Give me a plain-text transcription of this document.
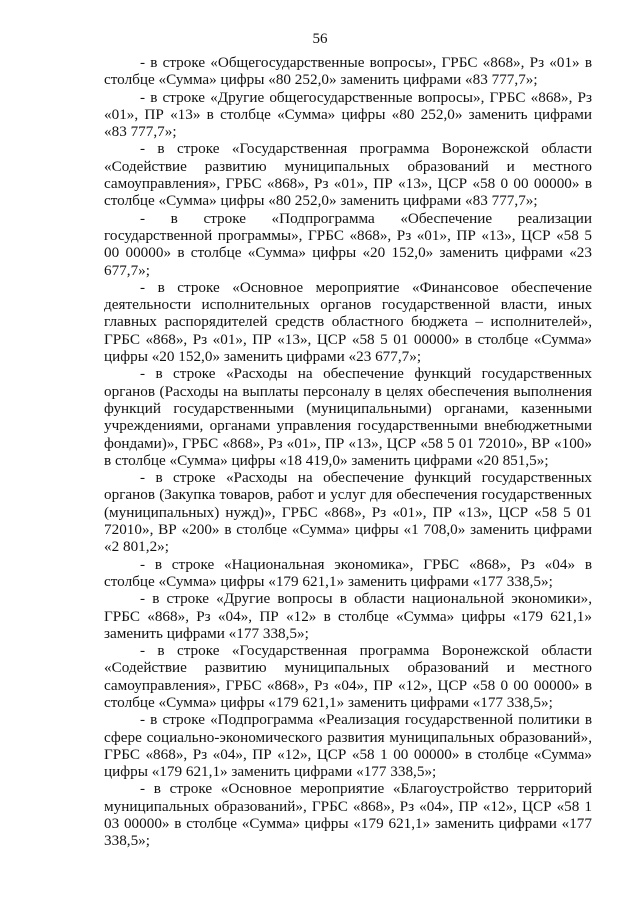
56

- в строке «Общегосударственные вопросы», ГРБС «868», Рз «01» в столбце «Сумма» цифры «80 252,0» заменить цифрами «83 777,7»;

- в строке «Другие общегосударственные вопросы», ГРБС «868», Рз «01», ПР «13» в столбце «Сумма» цифры «80 252,0» заменить цифрами «83 777,7»;

- в строке «Государственная программа Воронежской области «Содействие развитию муниципальных образований и местного самоуправления», ГРБС «868», Рз «01», ПР «13», ЦСР «58 0 00 00000» в столбце «Сумма» цифры «80 252,0» заменить цифрами «83 777,7»;

- в строке «Подпрограмма «Обеспечение реализации государственной программы», ГРБС «868», Рз «01», ПР «13», ЦСР «58 5 00 00000» в столбце «Сумма» цифры «20 152,0» заменить цифрами «23 677,7»;

- в строке «Основное мероприятие «Финансовое обеспечение деятельности исполнительных органов государственной власти, иных главных распорядителей средств областного бюджета – исполнителей», ГРБС «868», Рз «01», ПР «13», ЦСР «58 5 01 00000» в столбце «Сумма» цифры «20 152,0» заменить цифрами «23 677,7»;

- в строке «Расходы на обеспечение функций государственных органов (Расходы на выплаты персоналу в целях обеспечения выполнения функций государственными (муниципальными) органами, казенными учреждениями, органами управления государственными внебюджетными фондами)», ГРБС «868», Рз «01», ПР «13», ЦСР «58 5 01 72010», ВР «100» в столбце «Сумма» цифры «18 419,0» заменить цифрами «20 851,5»;

- в строке «Расходы на обеспечение функций государственных органов (Закупка товаров, работ и услуг для обеспечения государственных (муниципальных) нужд)», ГРБС «868», Рз «01», ПР «13», ЦСР «58 5 01 72010», ВР «200» в столбце «Сумма» цифры «1 708,0» заменить цифрами «2 801,2»;

- в строке «Национальная экономика», ГРБС «868», Рз «04» в столбце «Сумма» цифры «179 621,1» заменить цифрами «177 338,5»;

- в строке «Другие вопросы в области национальной экономики», ГРБС «868», Рз «04», ПР «12» в столбце «Сумма» цифры «179 621,1» заменить цифрами «177 338,5»;

- в строке «Государственная программа Воронежской области «Содействие развитию муниципальных образований и местного самоуправления», ГРБС «868», Рз «04», ПР «12», ЦСР «58 0 00 00000» в столбце «Сумма» цифры «179 621,1» заменить цифрами «177 338,5»;

- в строке «Подпрограмма «Реализация государственной политики в сфере социально-экономического развития муниципальных образований», ГРБС «868», Рз «04», ПР «12», ЦСР «58 1 00 00000» в столбце «Сумма» цифры «179 621,1» заменить цифрами «177 338,5»;

- в строке «Основное мероприятие «Благоустройство территорий муниципальных образований», ГРБС «868», Рз «04», ПР «12», ЦСР «58 1 03 00000» в столбце «Сумма» цифры «179 621,1» заменить цифрами «177 338,5»;
